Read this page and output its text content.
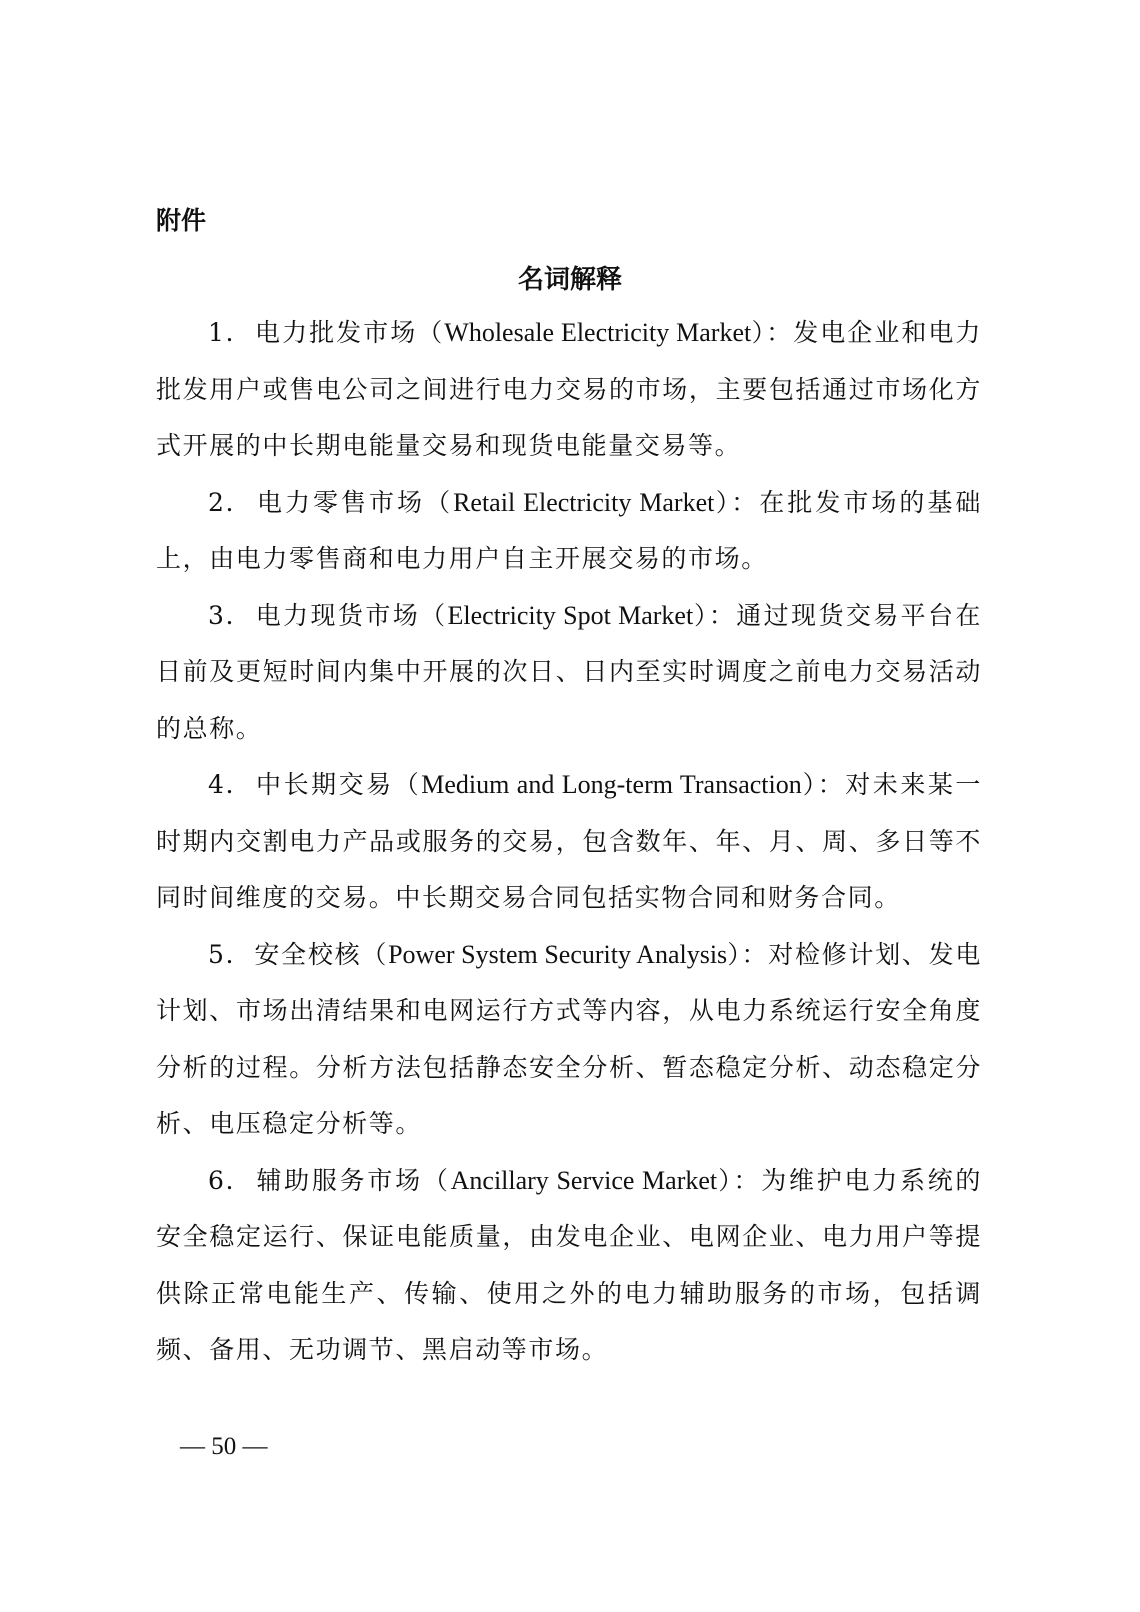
附件

名词解释

1. 电力批发市场（Wholesale Electricity Market）：发电企业和电力批发用户或售电公司之间进行电力交易的市场，主要包括通过市场化方式开展的中长期电能量交易和现货电能量交易等。

2. 电力零售市场（Retail Electricity Market）：在批发市场的基础上，由电力零售商和电力用户自主开展交易的市场。

3. 电力现货市场（Electricity Spot Market）：通过现货交易平台在日前及更短时间内集中开展的次日、日内至实时调度之前电力交易活动的总称。

4. 中长期交易（Medium and Long-term Transaction）：对未来某一时期内交割电力产品或服务的交易，包含数年、年、月、周、多日等不同时间维度的交易。中长期交易合同包括实物合同和财务合同。

5. 安全校核（Power System Security Analysis）：对检修计划、发电计划、市场出清结果和电网运行方式等内容，从电力系统运行安全角度分析的过程。分析方法包括静态安全分析、暂态稳定分析、动态稳定分析、电压稳定分析等。

6. 辅助服务市场（Ancillary Service Market）：为维护电力系统的安全稳定运行、保证电能质量，由发电企业、电网企业、电力用户等提供除正常电能生产、传输、使用之外的电力辅助服务的市场，包括调频、备用、无功调节、黑启动等市场。

— 50 —
